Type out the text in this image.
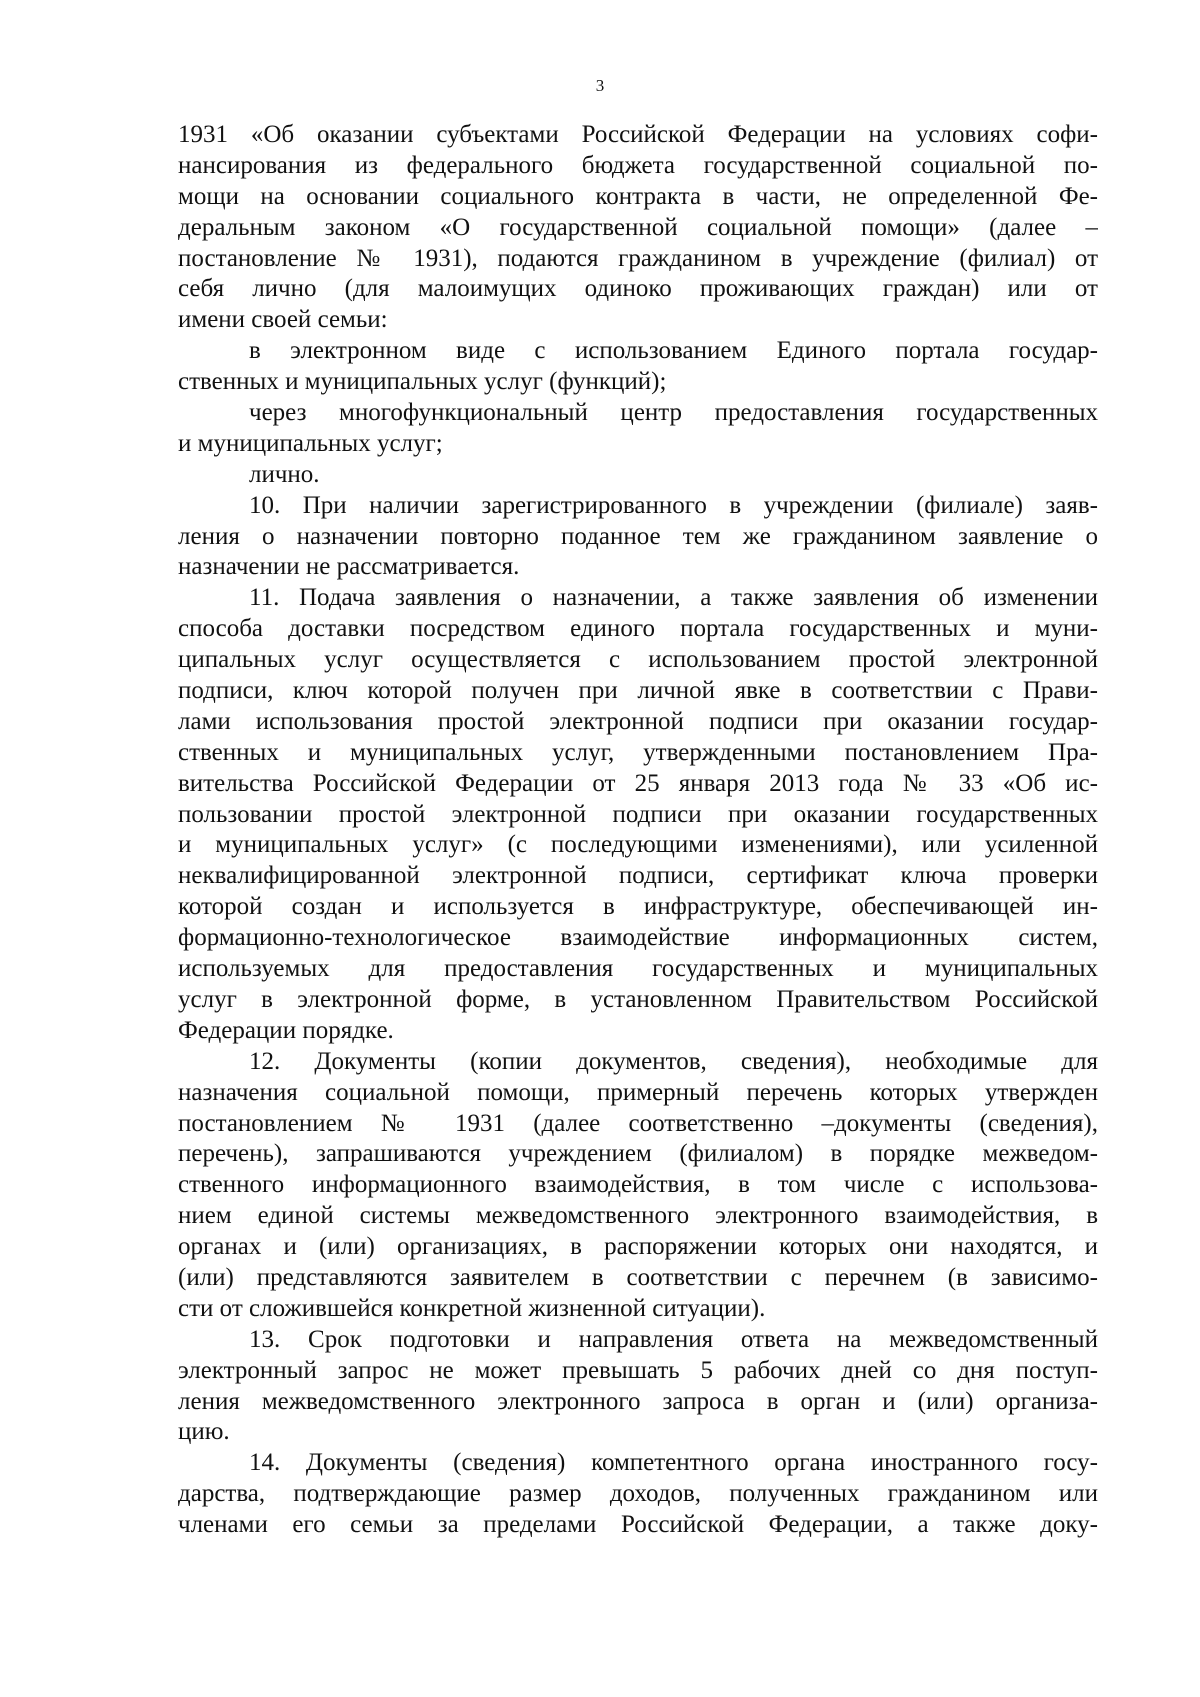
3
1931 «Об оказании субъектами Российской Федерации на условиях софи-
нансирования из федерального бюджета государственной социальной по-
мощи на основании социального контракта в части, не определенной Фе-
деральным законом «О государственной социальной помощи» (далее –
постановление № 1931), подаются гражданином в учреждение (филиал) от
себя лично (для малоимущих одиноко проживающих граждан) или от
имени своей семьи:
в электронном виде с использованием Единого портала государ-
ственных и муниципальных услуг (функций);
через многофункциональный центр предоставления государственных
и муниципальных услуг;
лично.
10. При наличии зарегистрированного в учреждении (филиале) заяв-
ления о назначении повторно поданное тем же гражданином заявление о
назначении не рассматривается.
11. Подача заявления о назначении, а также заявления об изменении
способа доставки посредством единого портала государственных и муни-
ципальных услуг осуществляется с использованием простой электронной
подписи, ключ которой получен при личной явке в соответствии с Прави-
лами использования простой электронной подписи при оказании государ-
ственных и муниципальных услуг, утвержденными постановлением Пра-
вительства Российской Федерации от 25 января 2013 года № 33 «Об ис-
пользовании простой электронной подписи при оказании государственных
и муниципальных услуг» (с последующими изменениями), или усиленной
неквалифицированной электронной подписи, сертификат ключа проверки
которой создан и используется в инфраструктуре, обеспечивающей ин-
формационно-технологическое взаимодействие информационных систем,
используемых для предоставления государственных и муниципальных
услуг в электронной форме, в установленном Правительством Российской
Федерации порядке.
12. Документы (копии документов, сведения), необходимые для
назначения социальной помощи, примерный перечень которых утвержден
постановлением № 1931 (далее соответственно –документы (сведения),
перечень), запрашиваются учреждением (филиалом) в порядке межведом-
ственного информационного взаимодействия, в том числе с использова-
нием единой системы межведомственного электронного взаимодействия, в
органах и (или) организациях, в распоряжении которых они находятся, и
(или) представляются заявителем в соответствии с перечнем (в зависимо-
сти от сложившейся конкретной жизненной ситуации).
13. Срок подготовки и направления ответа на межведомственный
электронный запрос не может превышать 5 рабочих дней со дня поступ-
ления межведомственного электронного запроса в орган и (или) организа-
цию.
14. Документы (сведения) компетентного органа иностранного госу-
дарства, подтверждающие размер доходов, полученных гражданином или
членами его семьи за пределами Российской Федерации, а также доку-
